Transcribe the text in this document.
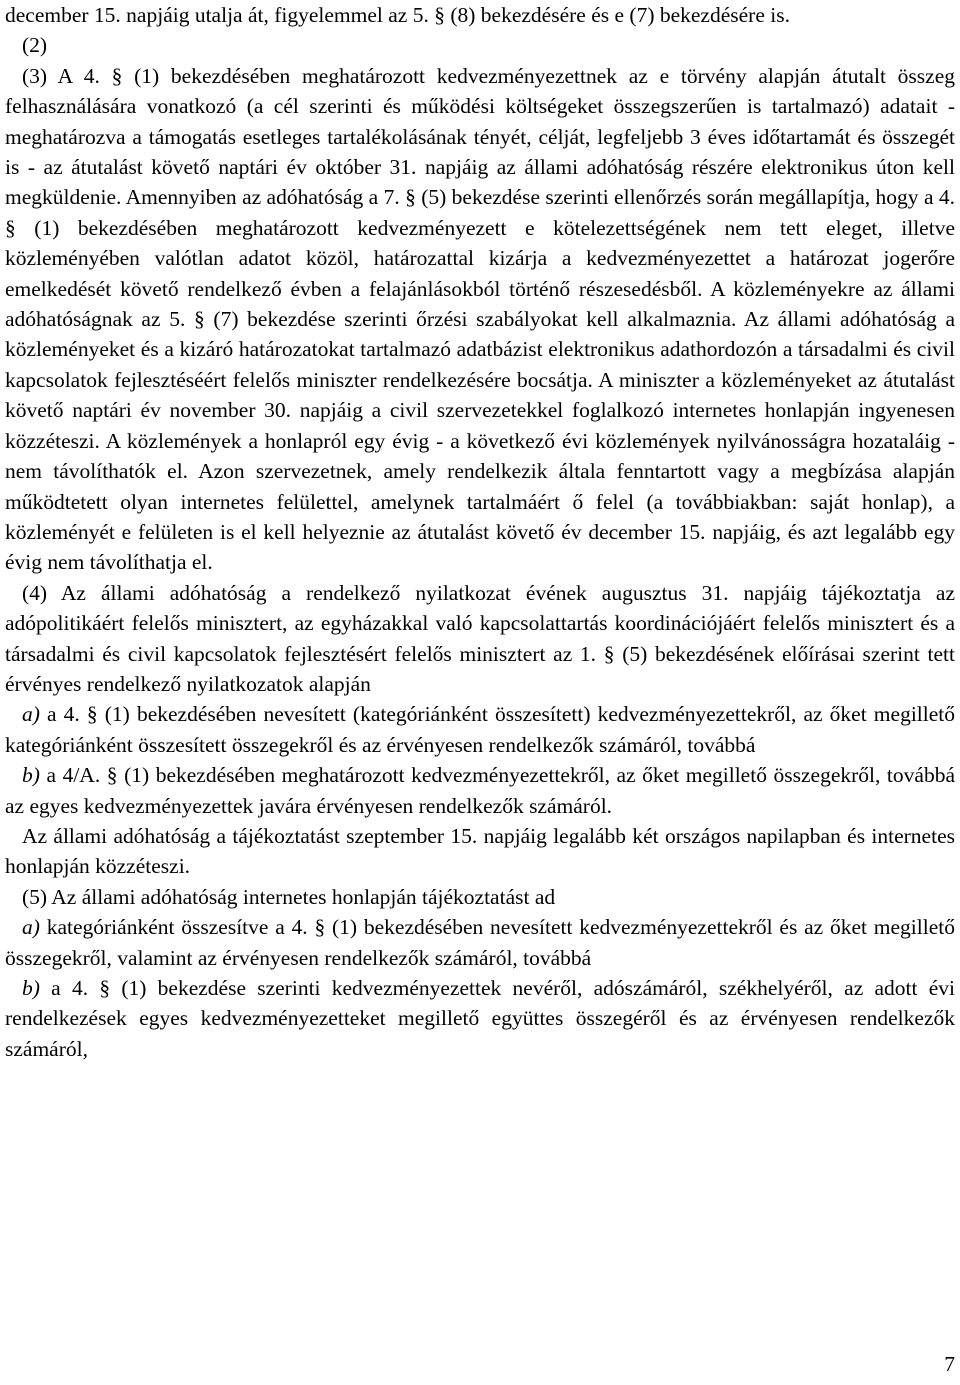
december 15. napjáig utalja át, figyelemmel az 5. § (8) bekezdésére és e (7) bekezdésére is.

(2)

(3) A 4. § (1) bekezdésében meghatározott kedvezményezettnek az e törvény alapján átutalt összeg felhasználására vonatkozó (a cél szerinti és működési költségeket összegszerűen is tartalmazó) adatait - meghatározva a támogatás esetleges tartalékolásának tényét, célját, legfeljebb 3 éves időtartamát és összegét is - az átutalást követő naptári év október 31. napjáig az állami adóhatóság részére elektronikus úton kell megküldenie. Amennyiben az adóhatóság a 7. § (5) bekezdése szerinti ellenőrzés során megállapítja, hogy a 4. § (1) bekezdésében meghatározott kedvezményezett e kötelezettségének nem tett eleget, illetve közleményében valótlan adatot közöl, határozattal kizárja a kedvezményezettet a határozat jogerőre emelkedését követő rendelkező évben a felajánlásokból történő részesedésből. A közleményekre az állami adóhatóságnak az 5. § (7) bekezdése szerinti őrzési szabályokat kell alkalmaznia. Az állami adóhatóság a közleményeket és a kizáró határozatokat tartalmazó adatbázist elektronikus adathordozón a társadalmi és civil kapcsolatok fejlesztéséért felelős miniszter rendelkezésére bocsátja. A miniszter a közleményeket az átutalást követő naptári év november 30. napjáig a civil szervezetekkel foglalkozó internetes honlapján ingyenesen közzéteszi. A közlemények a honlapról egy évig - a következő évi közlemények nyilvánosságra hozataláig - nem távolíthatók el. Azon szervezetnek, amely rendelkezik általa fenntartott vagy a megbízása alapján működtetett olyan internetes felülettel, amelynek tartalmáért ő felel (a továbbiakban: saját honlap), a közleményét e felületen is el kell helyeznie az átutalást követő év december 15. napjáig, és azt legalább egy évig nem távolíthatja el.

(4) Az állami adóhatóság a rendelkező nyilatkozat évének augusztus 31. napjáig tájékoztatja az adópolitikáért felelős minisztert, az egyházakkal való kapcsolattartás koordinációjáért felelős minisztert és a társadalmi és civil kapcsolatok fejlesztésért felelős minisztert az 1. § (5) bekezdésének előírásai szerint tett érvényes rendelkező nyilatkozatok alapján

a) a 4. § (1) bekezdésében nevesített (kategóriánként összesített) kedvezményezettekről, az őket megillető kategóriánként összesített összegekről és az érvényesen rendelkezők számáról, továbbá

b) a 4/A. § (1) bekezdésében meghatározott kedvezményezettekről, az őket megillető összegekről, továbbá az egyes kedvezményezettek javára érvényesen rendelkezők számáról.

Az állami adóhatóság a tájékoztatást szeptember 15. napjáig legalább két országos napilapban és internetes honlapján közzéteszi.

(5) Az állami adóhatóság internetes honlapján tájékoztatást ad

a) kategóriánként összesítve a 4. § (1) bekezdésében nevesített kedvezményezettekről és az őket megillető összegekről, valamint az érvényesen rendelkezők számáról, továbbá

b) a 4. § (1) bekezdése szerinti kedvezményezettek nevéről, adószámáról, székhelyéről, az adott évi rendelkezések egyes kedvezményezetteket megillető együttes összegéről és az érvényesen rendelkezők számáról,

7
